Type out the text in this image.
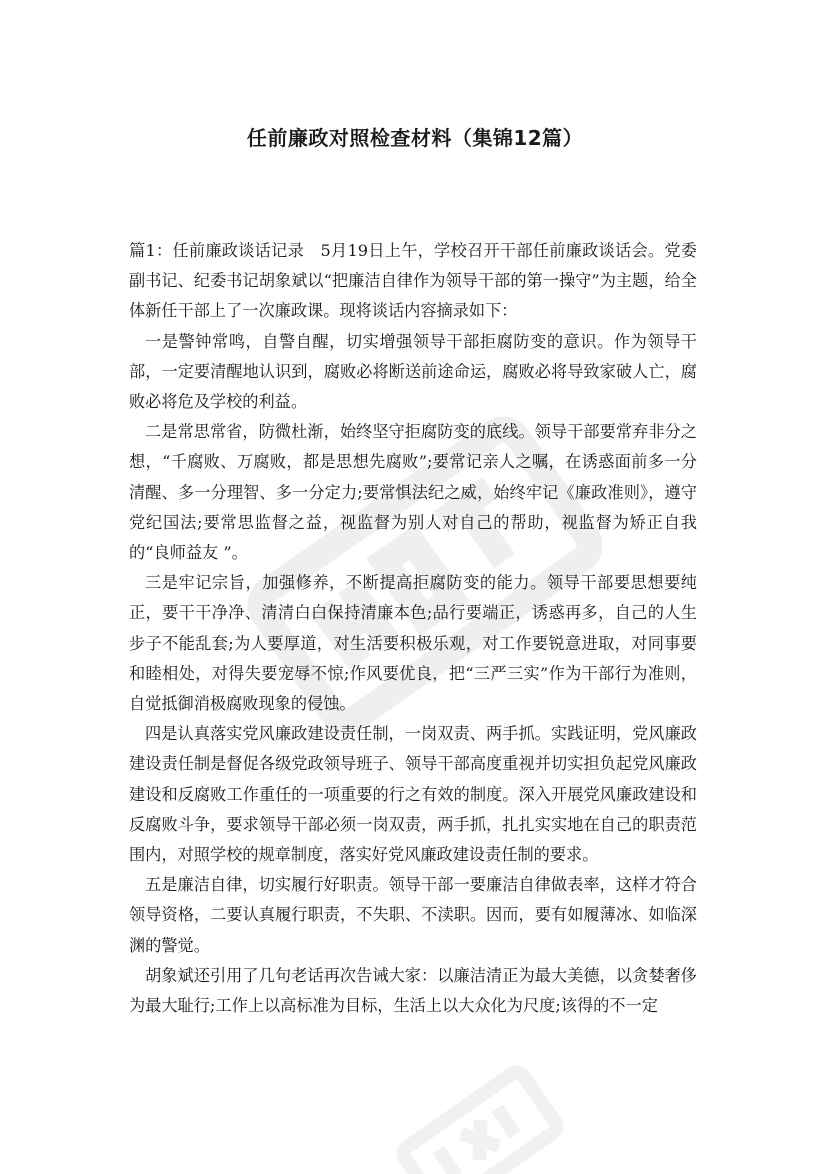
任前廉政对照检查材料（集锦12篇）

篇1：任前廉政谈话记录　5月19日上午，学校召开干部任前廉政谈话会。党委副书记、纪委书记胡象斌以“把廉洁自律作为领导干部的第一操守”为主题，给全体新任干部上了一次廉政课。现将谈话内容摘录如下：

一是警钟常鸣，自警自醒，切实增强领导干部拒腐防变的意识。作为领导干部，一定要清醒地认识到，腐败必将断送前途命运，腐败必将导致家破人亡，腐败必将危及学校的利益。

二是常思常省，防微杜渐，始终坚守拒腐防变的底线。领导干部要常弃非分之想，“千腐败、万腐败，都是思想先腐败”;要常记亲人之嘱，在诱惑面前多一分清醒、多一分理智、多一分定力;要常惧法纪之威，始终牢记《廉政准则》，遵守党纪国法;要常思监督之益，视监督为别人对自己的帮助，视监督为矫正自我的“良师益友 ”。

三是牢记宗旨，加强修养，不断提高拒腐防变的能力。领导干部要思想要纯正，要干干净净、清清白白保持清廉本色;品行要端正，诱惑再多，自己的人生步子不能乱套;为人要厚道，对生活要积极乐观，对工作要锐意进取，对同事要和睦相处，对得失要宠辱不惊;作风要优良，把“三严三实”作为干部行为准则，自觉抵御消极腐败现象的侵蚀。

四是认真落实党风廉政建设责任制，一岗双责、两手抓。实践证明，党风廉政建设责任制是督促各级党政领导班子、领导干部高度重视并切实担负起党风廉政建设和反腐败工作重任的一项重要的行之有效的制度。深入开展党风廉政建设和反腐败斗争，要求领导干部必须一岗双责，两手抓，扎扎实实地在自己的职责范围内，对照学校的规章制度，落实好党风廉政建设责任制的要求。

五是廉洁自律，切实履行好职责。领导干部一要廉洁自律做表率，这样才符合领导资格，二要认真履行职责，不失职、不渎职。因而，要有如履薄冰、如临深渊的警觉。

胡象斌还引用了几句老话再次告诫大家：以廉洁清正为最大美德，以贪婪奢侈为最大耻行;工作上以高标准为目标，生活上以大众化为尺度;该得的不一定
